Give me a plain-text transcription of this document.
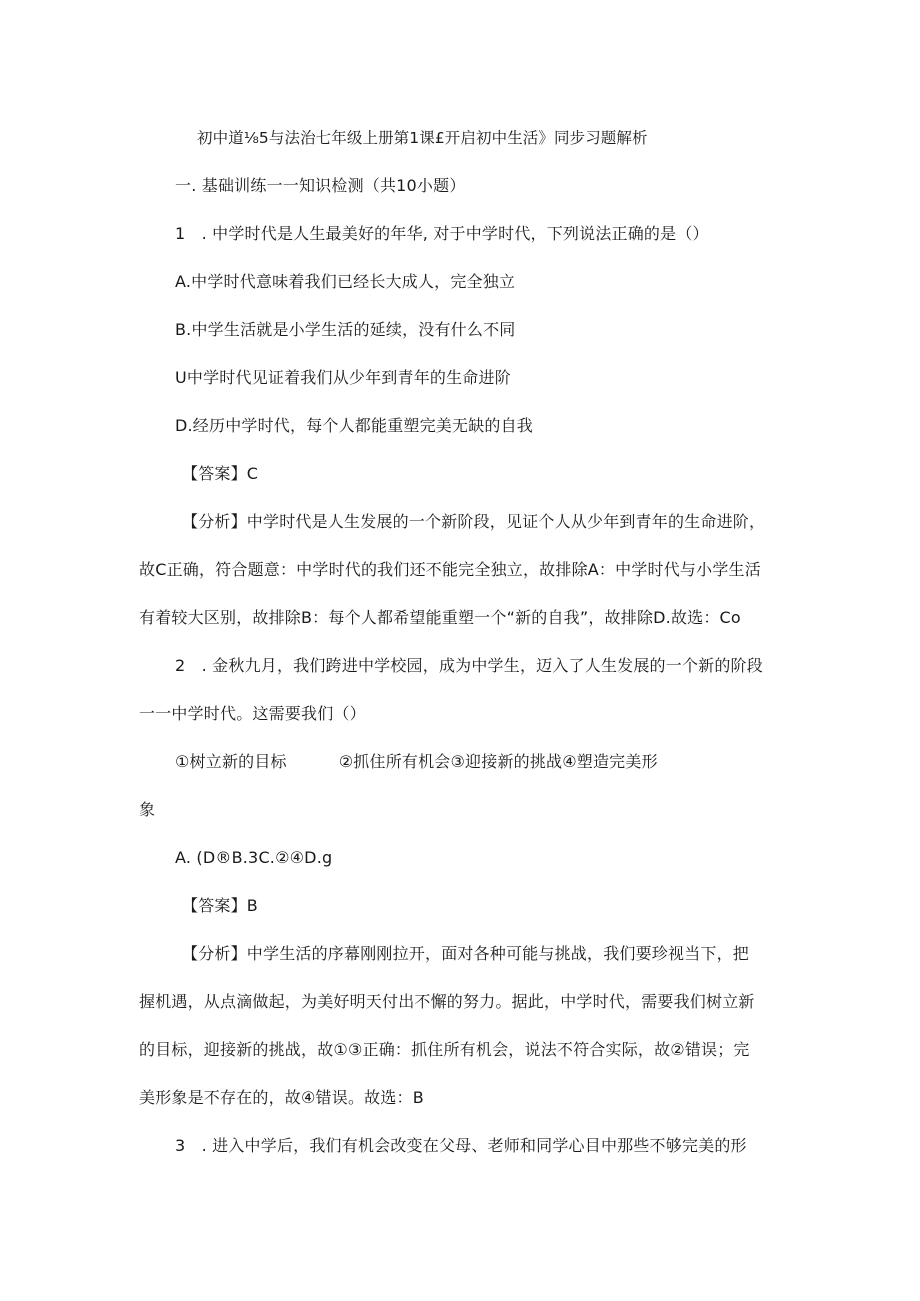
初中道⅛5与法治七年级上册第1课£开启初中生活》同步习题解析
一. 基础训练一一知识检测（共10小题）
1　. 中学时代是人生最美好的年华, 对于中学时代，下列说法正确的是（）
A.中学时代意味着我们已经长大成人，完全独立
B.中学生活就是小学生活的延续，没有什么不同
U中学时代见证着我们从少年到青年的生命进阶
D.经历中学时代，每个人都能重塑完美无缺的自我
【答案】C
【分析】中学时代是人生发展的一个新阶段，见证个人从少年到青年的生命进阶，
故C正确，符合题意：中学时代的我们还不能完全独立，故排除A：中学时代与小学生活
有着较大区别，故排除B：每个人都希望能重塑一个“新的自我”，故排除D.故选：Co
2　. 金秋九月，我们跨进中学校园，成为中学生，迈入了人生发展的一个新的阶段
一一中学时代。这需要我们（）
①树立新的目标	②抓住所有机会③迎接新的挑战④塑造完美形
象
A. (D®B.3C.②④D.g
【答案】B
【分析】中学生活的序幕刚刚拉开，面对各种可能与挑战，我们要珍视当下，把
握机遇，从点滴做起，为美好明天付出不懈的努力。据此，中学时代，需要我们树立新
的目标，迎接新的挑战，故①③正确：抓住所有机会，说法不符合实际，故②错误；完
美形象是不存在的，故④错误。故选：B
3　. 进入中学后，我们有机会改变在父母、老师和同学心目中那些不够完美的形
